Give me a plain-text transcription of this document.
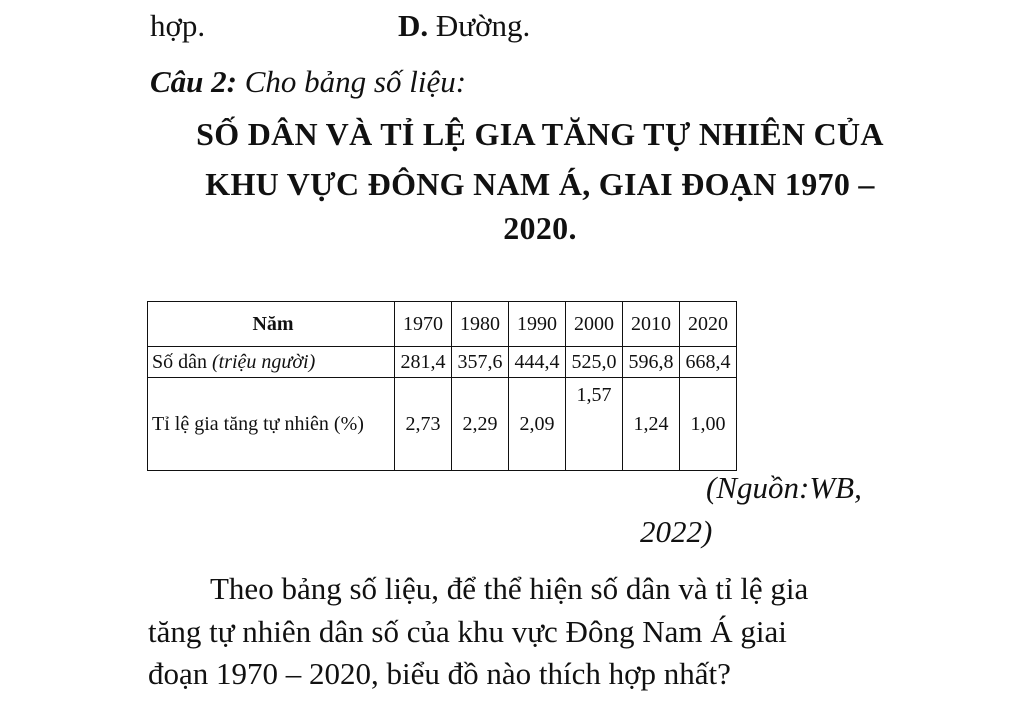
hợp.	D. Đường.
Câu 2: Cho bảng số liệu:
SỐ DÂN VÀ TỈ LỆ GIA TĂNG TỰ NHIÊN CỦA
KHU VỰC ĐÔNG NAM Á, GIAI ĐOẠN 1970 –
2020.
Năm	1970	1980	1990	2000	2010	2020
Số dân (triệu người)	281,4	357,6	444,4	525,0	596,8	668,4
Tỉ lệ gia tăng tự nhiên (%)	2,73	2,29	2,09	1,57	1,24	1,00
(Nguồn:WB,
2022)
Theo bảng số liệu, để thể hiện số dân và tỉ lệ gia
tăng tự nhiên dân số của khu vực Đông Nam Á giai
đoạn 1970 – 2020, biểu đồ nào thích hợp nhất?
